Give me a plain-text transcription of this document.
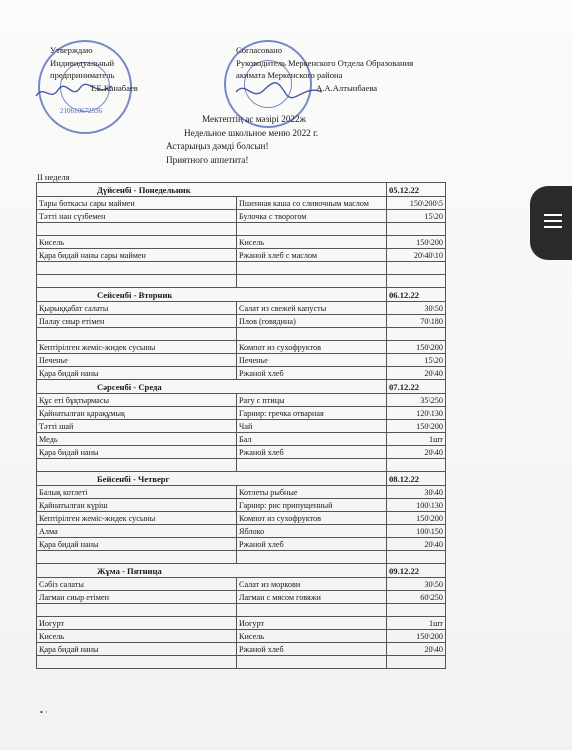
210610672536
Утверждаю
Индивидуальный
предприниматель
Т.Е.Канабаев
Согласовано
Руководитель Меркенского Отдела Образования
акимата Меркенского района
А.А.Алтынбаева
Мектептің ас мәзірі 2022ж
Недельное школьное меню 2022 г.
Астарыңыз дәмді болсын!
Приятного аппетита!
II неделя
Дүйсенбі - Понедельник		05.12.22
Тары боткасы сары маймен	Пшенная каша со сливочным маслом	150\200\5
Тәтті нан сүзбемен	Булочка с творогом	15\20

Кисель	Кисель	150\200
Қара бидай наны сары маймен	Ржаной хлеб с маслом	20\40\10

Сейсенбі - Вторник		06.12.22
Қырыққабат салаты	Салат из свежей капусты	30\50
Палау сиыр етімен	Плов (говядина)	70\180

Кептірілген жеміс-жидек сусыны	Компот из сухофруктов	150\200
Печенье	Печенье	15\20
Қара бидай наны	Ржаной хлеб	20\40
Сәрсенбі - Среда		07.12.22
Құс еті бұқтырмасы	Рагу с птицы	35\250
Қайнатылған қарақұмық	Гарнир: гречка отварная	120\130
Тәтті шай	Чай	150\200
Медь	Бал	1шт
Қара бидай наны	Ржаной хлеб	20\40

Бейсенбі - Четверг		08.12.22
Балық котлеті	Котлеты рыбные	30\40
Қайнатылған күріш	Гарнир: рис припущенный	100\130
Кептірілген жеміс-жидек сусыны	Компот из сухофруктов	150\200
Алма	Яблоко	100\150
Қара бидай наны	Ржаной хлеб	20\40

Жұма - Пятница		09.12.22
Сәбіз салаты	Салат из моркови	30\50
Лагман сиыр етімен	Лагман с мясом говяжи	60\250

Иогурт	Иогурт	1шт
Кисель	Кисель	150\200
Қара бидай наны	Ржаной хлеб	20\40

• ·
